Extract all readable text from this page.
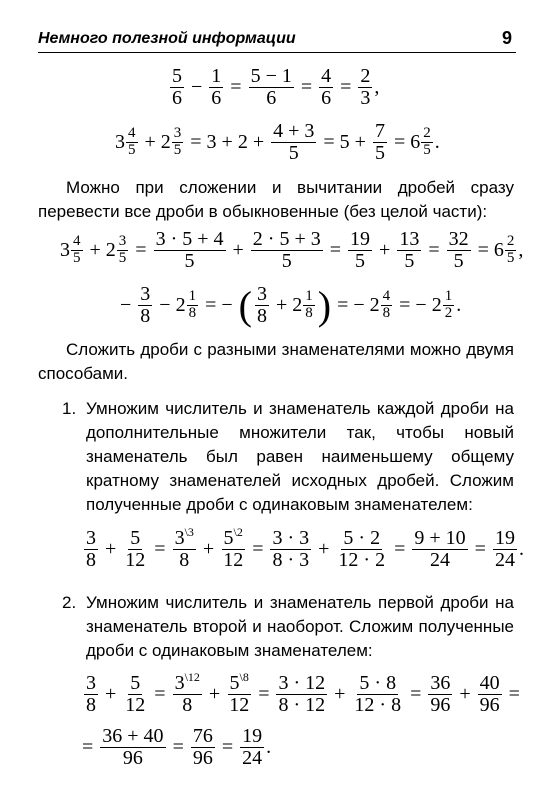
Немного полезной информации	9
$\frac{5}{6} - \frac{1}{6} = \frac{5 - 1}{6} = \frac{4}{6} = \frac{2}{3}$ ,
$3 \frac{4}{5} + 2 \frac{3}{5} = 3 + 2 + \frac{4 + 3}{5} = 5 + \frac{7}{5} = 6 \frac{2}{5}$ .

Можно при сложении и вычитании дробей сразу перевести все дроби в обыкновенные (без целой части):

$3 \frac{4}{5} + 2 \frac{3}{5} = \frac{3 \cdot 5 + 4}{5} + \frac{2 \cdot 5 + 3}{5} = \frac{19}{5} + \frac{13}{5} = \frac{32}{5} = 6 \frac{2}{5}$ ,
− $\frac{3}{8} - 2 \frac{1}{8}$ = − ( $\frac{3}{8} + 2 \frac{1}{8}$ ) = − $2 \frac{4}{8}$ = − $2 \frac{1}{2}$ .

Сложить дроби с разными знаменателями можно двумя способами.

1. Умножим числитель и знаменатель каждой дроби на дополнительные множители так, чтобы новый знаменатель был равен наименьшему общему кратному знаменателей исходных дробей. Сложим полученные дроби с одинаковым знаменателем:
$\frac{3}{8} + \frac{5}{12} = \frac{3^{\backslash 3}}{8} + \frac{5^{\backslash 2}}{12} = \frac{3 \cdot 3}{8 \cdot 3} + \frac{5 \cdot 2}{12 \cdot 2} = \frac{9 + 10}{24} = \frac{19}{24}$ .
2. Умножим числитель и знаменатель первой дроби на знаменатель второй и наоборот. Сложим полученные дроби с одинаковым знаменателем:
$\frac{3}{8} + \frac{5}{12} = \frac{3^{\backslash 12}}{8} + \frac{5^{\backslash 8}}{12} = \frac{3 \cdot 12}{8 \cdot 12} + \frac{5 \cdot 8}{12 \cdot 8} = \frac{36}{96} + \frac{40}{96}$ =
= $\frac{36 + 40}{96} = \frac{76}{96} = \frac{19}{24}$ .
